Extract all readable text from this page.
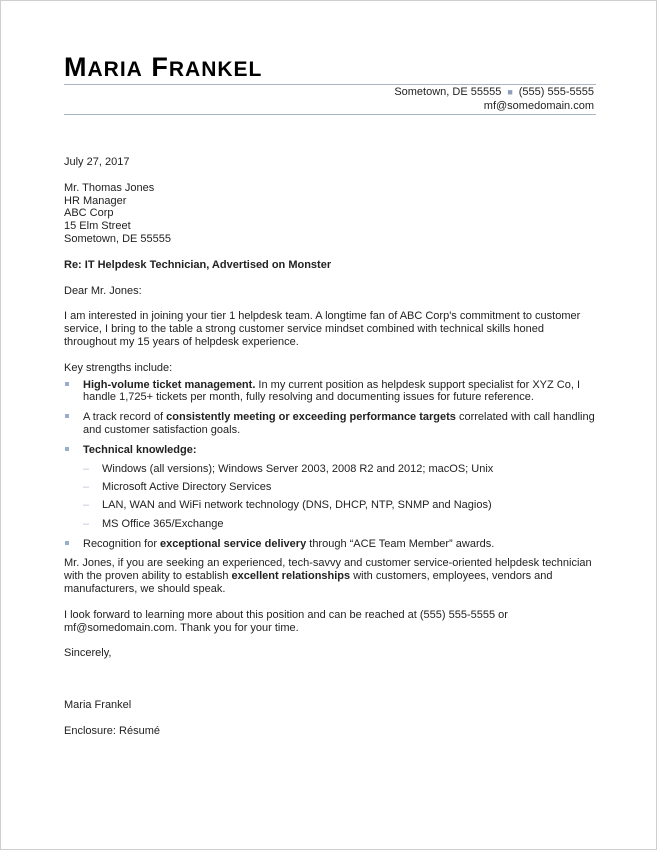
MARIA FRANKEL
Sometown, DE 55555 ■ (555) 555-5555
mf@somedomain.com

July 27, 2017

Mr. Thomas Jones

HR Manager

ABC Corp

15 Elm Street

Sometown, DE 55555

Re: IT Helpdesk Technician, Advertised on Monster

Dear Mr. Jones:

I am interested in joining your tier 1 helpdesk team. A longtime fan of ABC Corp's commitment to customer

service, I bring to the table a strong customer service mindset combined with technical skills honed

throughout my 15 years of helpdesk experience.

Key strengths include:

High-volume ticket management. In my current position as helpdesk support specialist for XYZ Co, I handle 1,725+ tickets per month, fully resolving and documenting issues for future reference.
A track record of consistently meeting or exceeding performance targets correlated with call handling and customer satisfaction goals.
Technical knowledge:
– Windows (all versions); Windows Server 2003, 2008 R2 and 2012; macOS; Unix
– Microsoft Active Directory Services
– LAN, WAN and WiFi network technology (DNS, DHCP, NTP, SNMP and Nagios)
– MS Office 365/Exchange
Recognition for exceptional service delivery through “ACE Team Member” awards.

Mr. Jones, if you are seeking an experienced, tech-savvy and customer service-oriented helpdesk technician with the proven ability to establish excellent relationships with customers, employees, vendors and manufacturers, we should speak.

I look forward to learning more about this position and can be reached at (555) 555-5555 or mf@somedomain.com. Thank you for your time.

Sincerely,

Maria Frankel

Enclosure: Résumé
